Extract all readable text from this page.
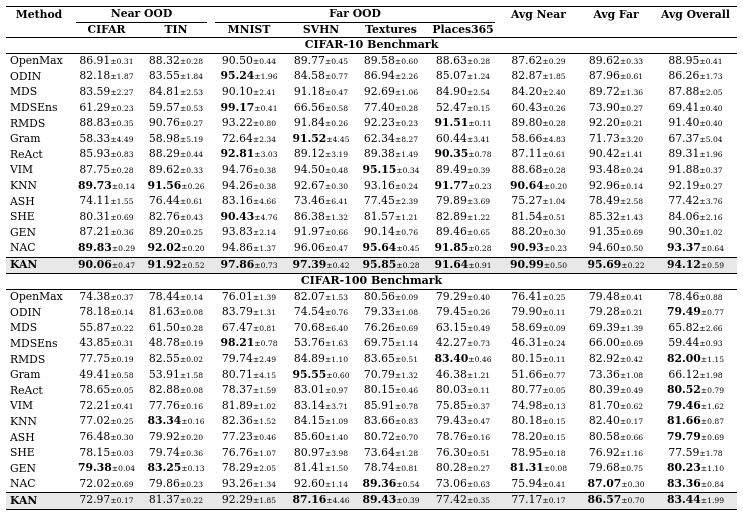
Method	Near OOD		Far OOD				Avg Near	Avg Far	Avg Overall
	CIFAR	TIN	MNIST	SVHN	Textures	Places365			
CIFAR-10 Benchmark									
OpenMax	86.91±0.31	88.32±0.28	90.50±0.44	89.77±0.45	89.58±0.60	88.63±0.28	87.62±0.29	89.62±0.33	88.95±0.41
ODIN	82.18±1.87	83.55±1.84	95.24±1.96	84.58±0.77	86.94±2.26	85.07±1.24	82.87±1.85	87.96±0.61	86.26±1.73
MDS	83.59±2.27	84.81±2.53	90.10±2.41	91.18±0.47	92.69±1.06	84.90±2.54	84.20±2.40	89.72±1.36	87.88±2.05
MDSEns	61.29±0.23	59.57±0.53	99.17±0.41	66.56±0.58	77.40±0.28	52.47±0.15	60.43±0.26	73.90±0.27	69.41±0.40
RMDS	88.83±0.35	90.76±0.27	93.22±0.80	91.84±0.26	92.23±0.23	91.51±0.11	89.80±0.28	92.20±0.21	91.40±0.40
Gram	58.33±4.49	58.98±5.19	72.64±2.34	91.52±4.45	62.34±8.27	60.44±3.41	58.66±4.83	71.73±3.20	67.37±5.04
ReAct	85.93±0.83	88.29±0.44	92.81±3.03	89.12±3.19	89.38±1.49	90.35±0.78	87.11±0.61	90.42±1.41	89.31±1.96
VIM	87.75±0.28	89.62±0.33	94.76±0.38	94.50±0.48	95.15±0.34	89.49±0.39	88.68±0.28	93.48±0.24	91.88±0.37
KNN	89.73±0.14	91.56±0.26	94.26±0.38	92.67±0.30	93.16±0.24	91.77±0.23	90.64±0.20	92.96±0.14	92.19±0.27
ASH	74.11±1.55	76.44±0.61	83.16±4.66	73.46±6.41	77.45±2.39	79.89±3.69	75.27±1.04	78.49±2.58	77.42±3.76
SHE	80.31±0.69	82.76±0.43	90.43±4.76	86.38±1.32	81.57±1.21	82.89±1.22	81.54±0.51	85.32±1.43	84.06±2.16
GEN	87.21±0.36	89.20±0.25	93.83±2.14	91.97±0.66	90.14±0.76	89.46±0.65	88.20±0.30	91.35±0.69	90.30±1.02
NAC	89.83±0.29	92.02±0.20	94.86±1.37	96.06±0.47	95.64±0.45	91.85±0.28	90.93±0.23	94.60±0.50	93.37±0.64
KAN	90.06±0.47	91.92±0.52	97.86±0.73	97.39±0.42	95.85±0.28	91.64±0.91	90.99±0.50	95.69±0.22	94.12±0.59
CIFAR-100 Benchmark									
OpenMax	74.38±0.37	78.44±0.14	76.01±1.39	82.07±1.53	80.56±0.09	79.29±0.40	76.41±0.25	79.48±0.41	78.46±0.88
ODIN	78.18±0.14	81.63±0.08	83.79±1.31	74.54±0.76	79.33±1.08	79.45±0.26	79.90±0.11	79.28±0.21	79.49±0.77
MDS	55.87±0.22	61.50±0.28	67.47±0.81	70.68±6.40	76.26±0.69	63.15±0.49	58.69±0.09	69.39±1.39	65.82±2.66
MDSEns	43.85±0.31	48.78±0.19	98.21±0.78	53.76±1.63	69.75±1.14	42.27±0.73	46.31±0.24	66.00±0.69	59.44±0.93
RMDS	77.75±0.19	82.55±0.02	79.74±2.49	84.89±1.10	83.65±0.51	83.40±0.46	80.15±0.11	82.92±0.42	82.00±1.15
Gram	49.41±0.58	53.91±1.58	80.71±4.15	95.55±0.60	70.79±1.32	46.38±1.21	51.66±0.77	73.36±1.08	66.12±1.98
ReAct	78.65±0.05	82.88±0.08	78.37±1.59	83.01±0.97	80.15±0.46	80.03±0.11	80.77±0.05	80.39±0.49	80.52±0.79
VIM	72.21±0.41	77.76±0.16	81.89±1.02	83.14±3.71	85.91±0.78	75.85±0.37	74.98±0.13	81.70±0.62	79.46±1.62
KNN	77.02±0.25	83.34±0.16	82.36±1.52	84.15±1.09	83.66±0.83	79.43±0.47	80.18±0.15	82.40±0.17	81.66±0.87
ASH	76.48±0.30	79.92±0.20	77.23±0.46	85.60±1.40	80.72±0.70	78.76±0.16	78.20±0.15	80.58±0.66	79.79±0.69
SHE	78.15±0.03	79.74±0.36	76.76±1.07	80.97±3.98	73.64±1.28	76.30±0.51	78.95±0.18	76.92±1.16	77.59±1.78
GEN	79.38±0.04	83.25±0.13	78.29±2.05	81.41±1.50	78.74±0.81	80.28±0.27	81.31±0.08	79.68±0.75	80.23±1.10
NAC	72.02±0.69	79.86±0.23	93.26±1.34	92.60±1.14	89.36±0.54	73.06±0.63	75.94±0.41	87.07±0.30	83.36±0.84
KAN	72.97±0.17	81.37±0.22	92.29±1.85	87.16±4.46	89.43±0.39	77.42±0.35	77.17±0.17	86.57±0.70	83.44±1.99
